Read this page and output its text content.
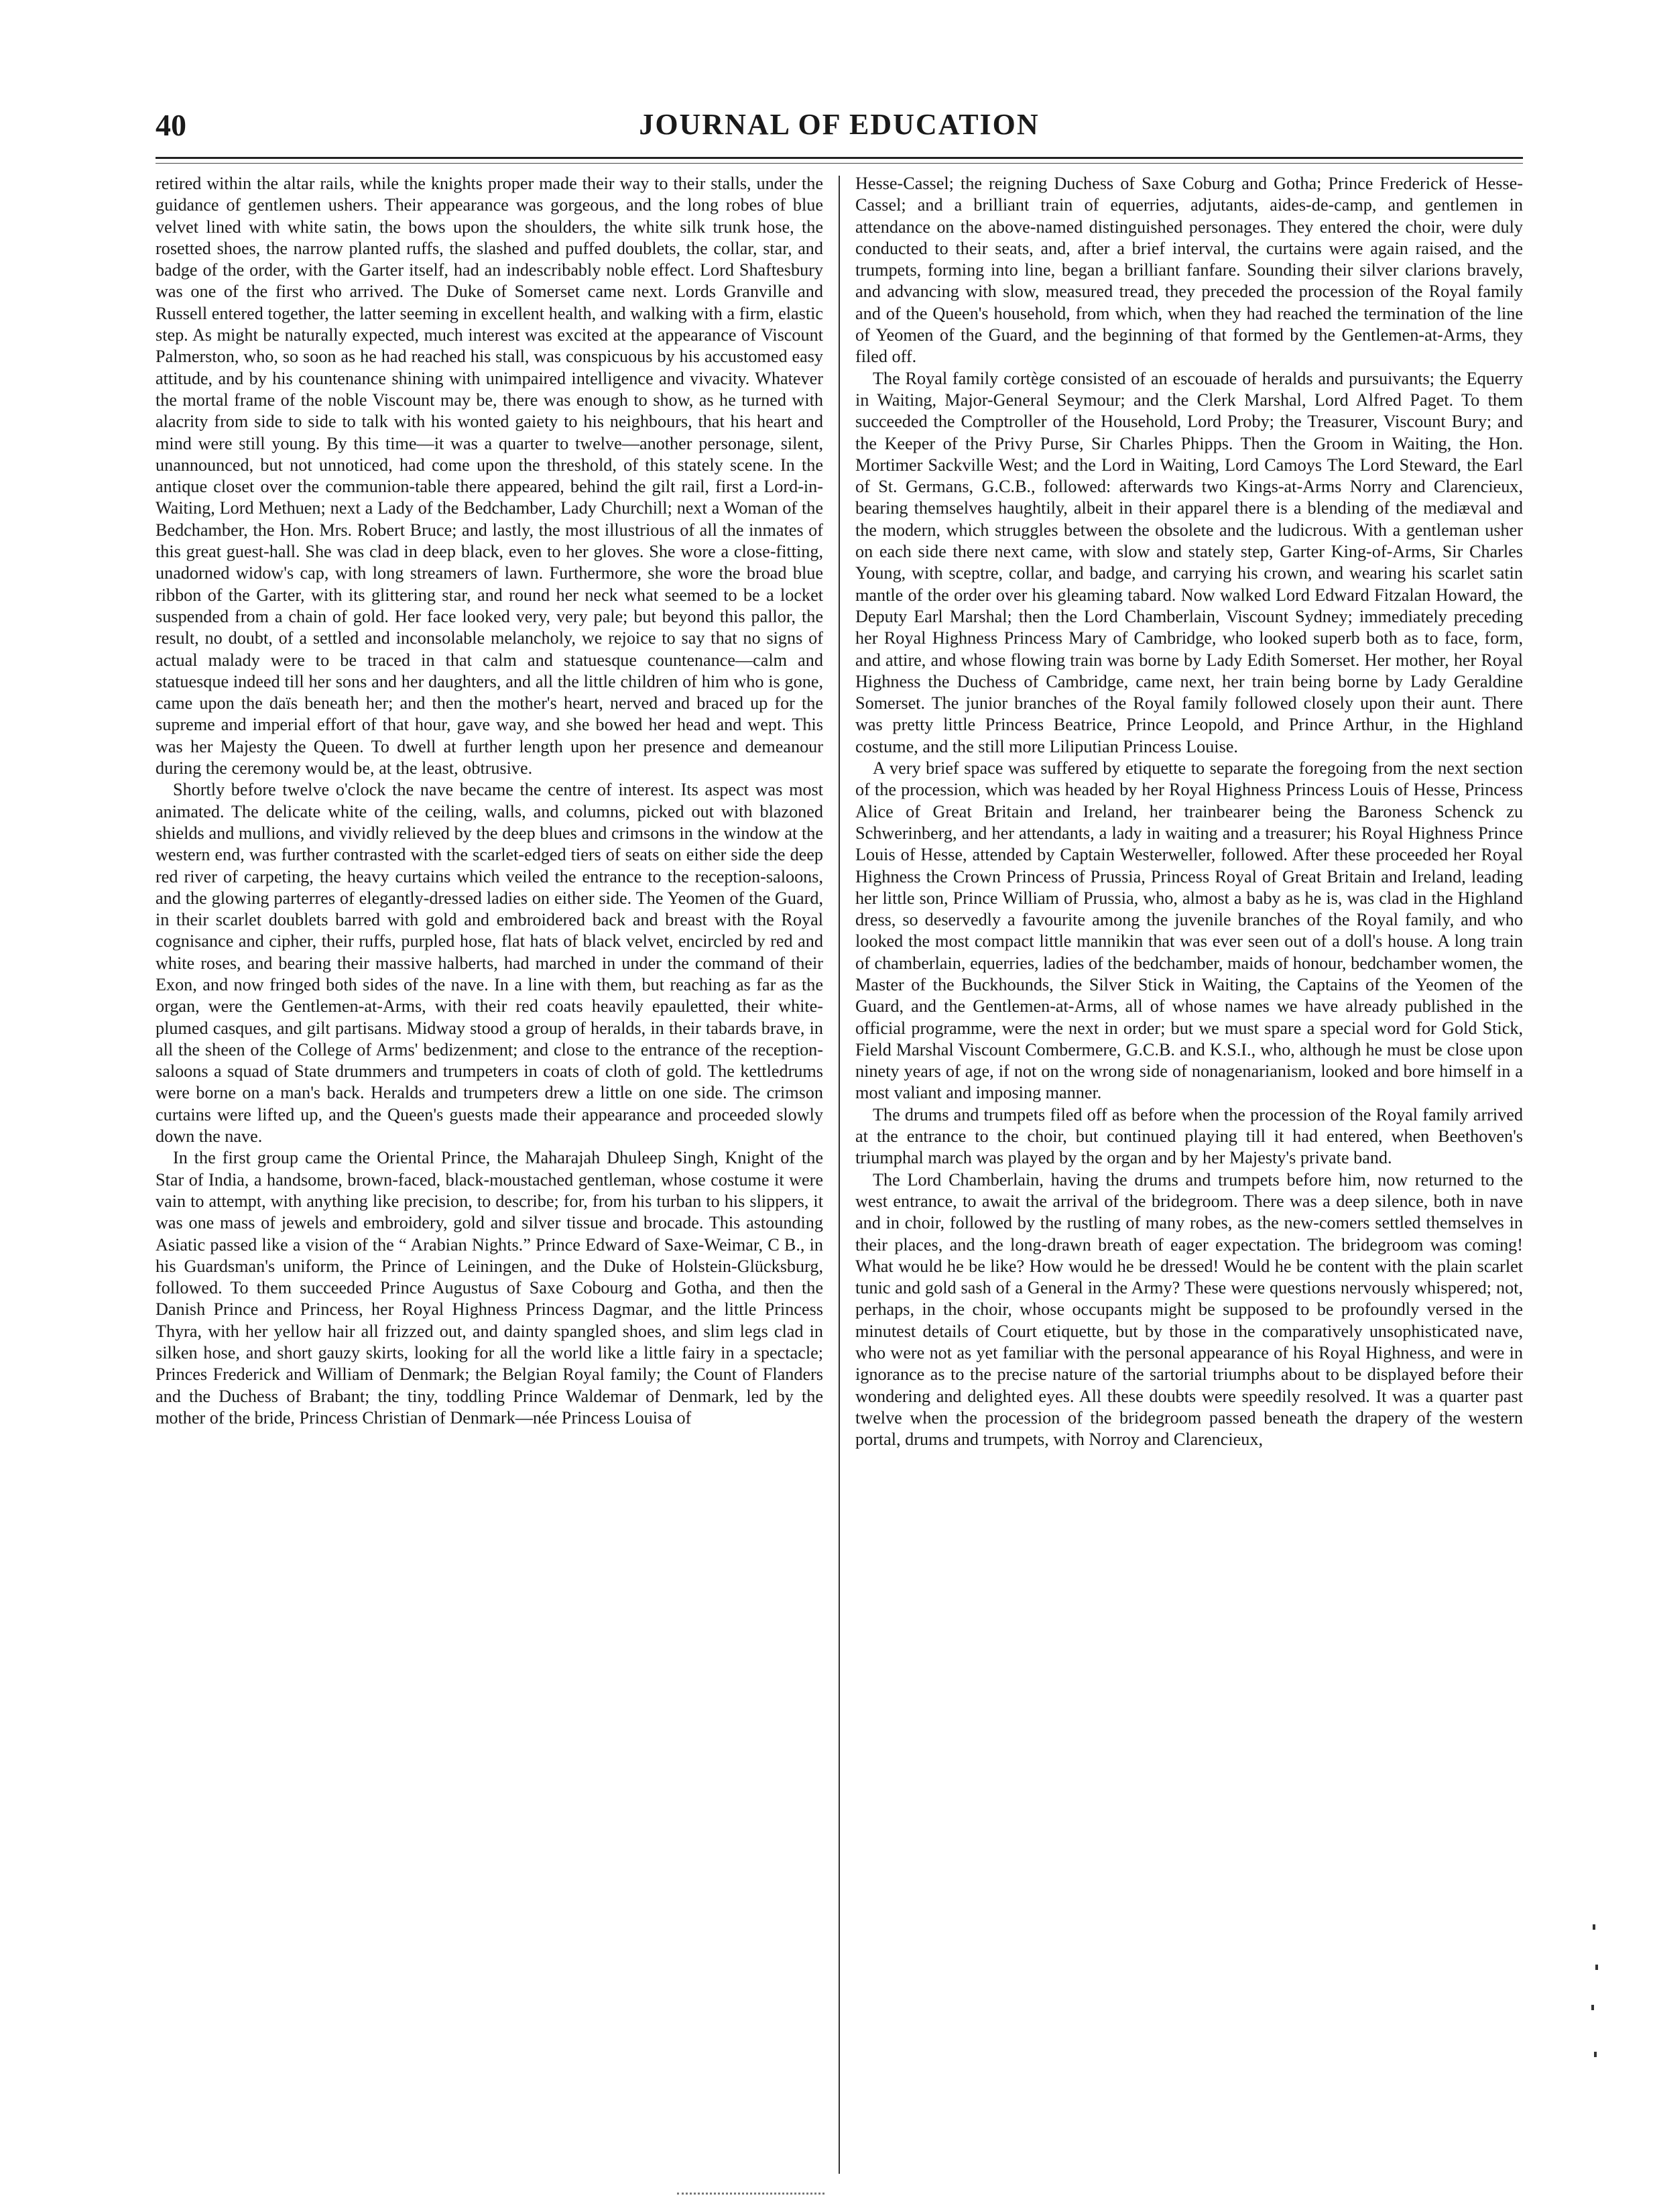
40	JOURNAL OF EDUCATION

retired within the altar rails, while the knights proper made their way to their stalls, under the guidance of gentlemen ushers. Their appearance was gorgeous, and the long robes of blue velvet lined with white satin, the bows upon the shoulders, the white silk trunk hose, the rosetted shoes, the narrow planted ruffs, the slashed and puffed doublets, the collar, star, and badge of the order, with the Garter itself, had an indescribably noble effect. Lord Shaftesbury was one of the first who arrived. The Duke of Somerset came next. Lords Granville and Russell entered together, the latter seeming in excellent health, and walking with a firm, elastic step. As might be naturally expected, much interest was excited at the appearance of Viscount Palmerston, who, so soon as he had reached his stall, was conspicuous by his accustomed easy attitude, and by his countenance shining with unimpaired intelligence and vivacity. Whatever the mortal frame of the noble Viscount may be, there was enough to show, as he turned with alacrity from side to side to talk with his wonted gaiety to his neighbours, that his heart and mind were still young. By this time—it was a quarter to twelve—another personage, silent, unannounced, but not unnoticed, had come upon the threshold, of this stately scene. In the antique closet over the communion-table there appeared, behind the gilt rail, first a Lord-in-Waiting, Lord Methuen; next a Lady of the Bedchamber, Lady Churchill; next a Woman of the Bedchamber, the Hon. Mrs. Robert Bruce; and lastly, the most illustrious of all the inmates of this great guest-hall. She was clad in deep black, even to her gloves. She wore a close-fitting, unadorned widow's cap, with long streamers of lawn. Furthermore, she wore the broad blue ribbon of the Garter, with its glittering star, and round her neck what seemed to be a locket suspended from a chain of gold. Her face looked very, very pale; but beyond this pallor, the result, no doubt, of a settled and inconsolable melancholy, we rejoice to say that no signs of actual malady were to be traced in that calm and statuesque countenance—calm and statuesque indeed till her sons and her daughters, and all the little children of him who is gone, came upon the daïs beneath her; and then the mother's heart, nerved and braced up for the supreme and imperial effort of that hour, gave way, and she bowed her head and wept. This was her Majesty the Queen. To dwell at further length upon her presence and demeanour during the ceremony would be, at the least, obtrusive.

Shortly before twelve o'clock the nave became the centre of interest. Its aspect was most animated. The delicate white of the ceiling, walls, and columns, picked out with blazoned shields and mullions, and vividly relieved by the deep blues and crimsons in the window at the western end, was further contrasted with the scarlet-edged tiers of seats on either side the deep red river of carpeting, the heavy curtains which veiled the entrance to the reception-saloons, and the glowing parterres of elegantly-dressed ladies on either side. The Yeomen of the Guard, in their scarlet doublets barred with gold and embroidered back and breast with the Royal cognisance and cipher, their ruffs, purpled hose, flat hats of black velvet, encircled by red and white roses, and bearing their massive halberts, had marched in under the command of their Exon, and now fringed both sides of the nave. In a line with them, but reaching as far as the organ, were the Gentlemen-at-Arms, with their red coats heavily epauletted, their white-plumed casques, and gilt partisans. Midway stood a group of heralds, in their tabards brave, in all the sheen of the College of Arms' bedizenment; and close to the entrance of the reception-saloons a squad of State drummers and trumpeters in coats of cloth of gold. The kettledrums were borne on a man's back. Heralds and trumpeters drew a little on one side. The crimson curtains were lifted up, and the Queen's guests made their appearance and proceeded slowly down the nave.

In the first group came the Oriental Prince, the Maharajah Dhuleep Singh, Knight of the Star of India, a handsome, brown-faced, black-moustached gentleman, whose costume it were vain to attempt, with anything like precision, to describe; for, from his turban to his slippers, it was one mass of jewels and embroidery, gold and silver tissue and brocade. This astounding Asiatic passed like a vision of the “ Arabian Nights.” Prince Edward of Saxe-Weimar, C B., in his Guardsman's uniform, the Prince of Leiningen, and the Duke of Holstein-Glücksburg, followed. To them succeeded Prince Augustus of Saxe Cobourg and Gotha, and then the Danish Prince and Princess, her Royal Highness Princess Dagmar, and the little Princess Thyra, with her yellow hair all frizzed out, and dainty spangled shoes, and slim legs clad in silken hose, and short gauzy skirts, looking for all the world like a little fairy in a spectacle; Princes Frederick and William of Denmark; the Belgian Royal family; the Count of Flanders and the Duchess of Brabant; the tiny, toddling Prince Waldemar of Denmark, led by the mother of the bride, Princess Christian of Denmark—née Princess Louisa of

Hesse-Cassel; the reigning Duchess of Saxe Coburg and Gotha; Prince Frederick of Hesse-Cassel; and a brilliant train of equerries, adjutants, aides-de-camp, and gentlemen in attendance on the above-named distinguished personages. They entered the choir, were duly conducted to their seats, and, after a brief interval, the curtains were again raised, and the trumpets, forming into line, began a brilliant fanfare. Sounding their silver clarions bravely, and advancing with slow, measured tread, they preceded the procession of the Royal family and of the Queen's household, from which, when they had reached the termination of the line of Yeomen of the Guard, and the beginning of that formed by the Gentlemen-at-Arms, they filed off.

The Royal family cortège consisted of an escouade of heralds and pursuivants; the Equerry in Waiting, Major-General Seymour; and the Clerk Marshal, Lord Alfred Paget. To them succeeded the Comptroller of the Household, Lord Proby; the Treasurer, Viscount Bury; and the Keeper of the Privy Purse, Sir Charles Phipps. Then the Groom in Waiting, the Hon. Mortimer Sackville West; and the Lord in Waiting, Lord Camoys The Lord Steward, the Earl of St. Germans, G.C.B., followed: afterwards two Kings-at-Arms Norry and Clarencieux, bearing themselves haughtily, albeit in their apparel there is a blending of the mediæval and the modern, which struggles between the obsolete and the ludicrous. With a gentleman usher on each side there next came, with slow and stately step, Garter King-of-Arms, Sir Charles Young, with sceptre, collar, and badge, and carrying his crown, and wearing his scarlet satin mantle of the order over his gleaming tabard. Now walked Lord Edward Fitzalan Howard, the Deputy Earl Marshal; then the Lord Chamberlain, Viscount Sydney; immediately preceding her Royal Highness Princess Mary of Cambridge, who looked superb both as to face, form, and attire, and whose flowing train was borne by Lady Edith Somerset. Her mother, her Royal Highness the Duchess of Cambridge, came next, her train being borne by Lady Geraldine Somerset. The junior branches of the Royal family followed closely upon their aunt. There was pretty little Princess Beatrice, Prince Leopold, and Prince Arthur, in the Highland costume, and the still more Liliputian Princess Louise.

A very brief space was suffered by etiquette to separate the foregoing from the next section of the procession, which was headed by her Royal Highness Princess Louis of Hesse, Princess Alice of Great Britain and Ireland, her trainbearer being the Baroness Schenck zu Schwerinberg, and her attendants, a lady in waiting and a treasurer; his Royal Highness Prince Louis of Hesse, attended by Captain Westerweller, followed. After these proceeded her Royal Highness the Crown Princess of Prussia, Princess Royal of Great Britain and Ireland, leading her little son, Prince William of Prussia, who, almost a baby as he is, was clad in the Highland dress, so deservedly a favourite among the juvenile branches of the Royal family, and who looked the most compact little mannikin that was ever seen out of a doll's house. A long train of chamberlain, equerries, ladies of the bedchamber, maids of honour, bedchamber women, the Master of the Buckhounds, the Silver Stick in Waiting, the Captains of the Yeomen of the Guard, and the Gentlemen-at-Arms, all of whose names we have already published in the official programme, were the next in order; but we must spare a special word for Gold Stick, Field Marshal Viscount Combermere, G.C.B. and K.S.I., who, although he must be close upon ninety years of age, if not on the wrong side of nonagenarianism, looked and bore himself in a most valiant and imposing manner.

The drums and trumpets filed off as before when the procession of the Royal family arrived at the entrance to the choir, but continued playing till it had entered, when Beethoven's triumphal march was played by the organ and by her Majesty's private band.

The Lord Chamberlain, having the drums and trumpets before him, now returned to the west entrance, to await the arrival of the bridegroom. There was a deep silence, both in nave and in choir, followed by the rustling of many robes, as the new-comers settled themselves in their places, and the long-drawn breath of eager expectation. The bridegroom was coming! What would he be like? How would he be dressed! Would he be content with the plain scarlet tunic and gold sash of a General in the Army? These were questions nervously whispered; not, perhaps, in the choir, whose occupants might be supposed to be profoundly versed in the minutest details of Court etiquette, but by those in the comparatively unsophisticated nave, who were not as yet familiar with the personal appearance of his Royal Highness, and were in ignorance as to the precise nature of the sartorial triumphs about to be displayed before their wondering and delighted eyes. All these doubts were speedily resolved. It was a quarter past twelve when the procession of the bridegroom passed beneath the drapery of the western portal, drums and trumpets, with Norroy and Clarencieux,
